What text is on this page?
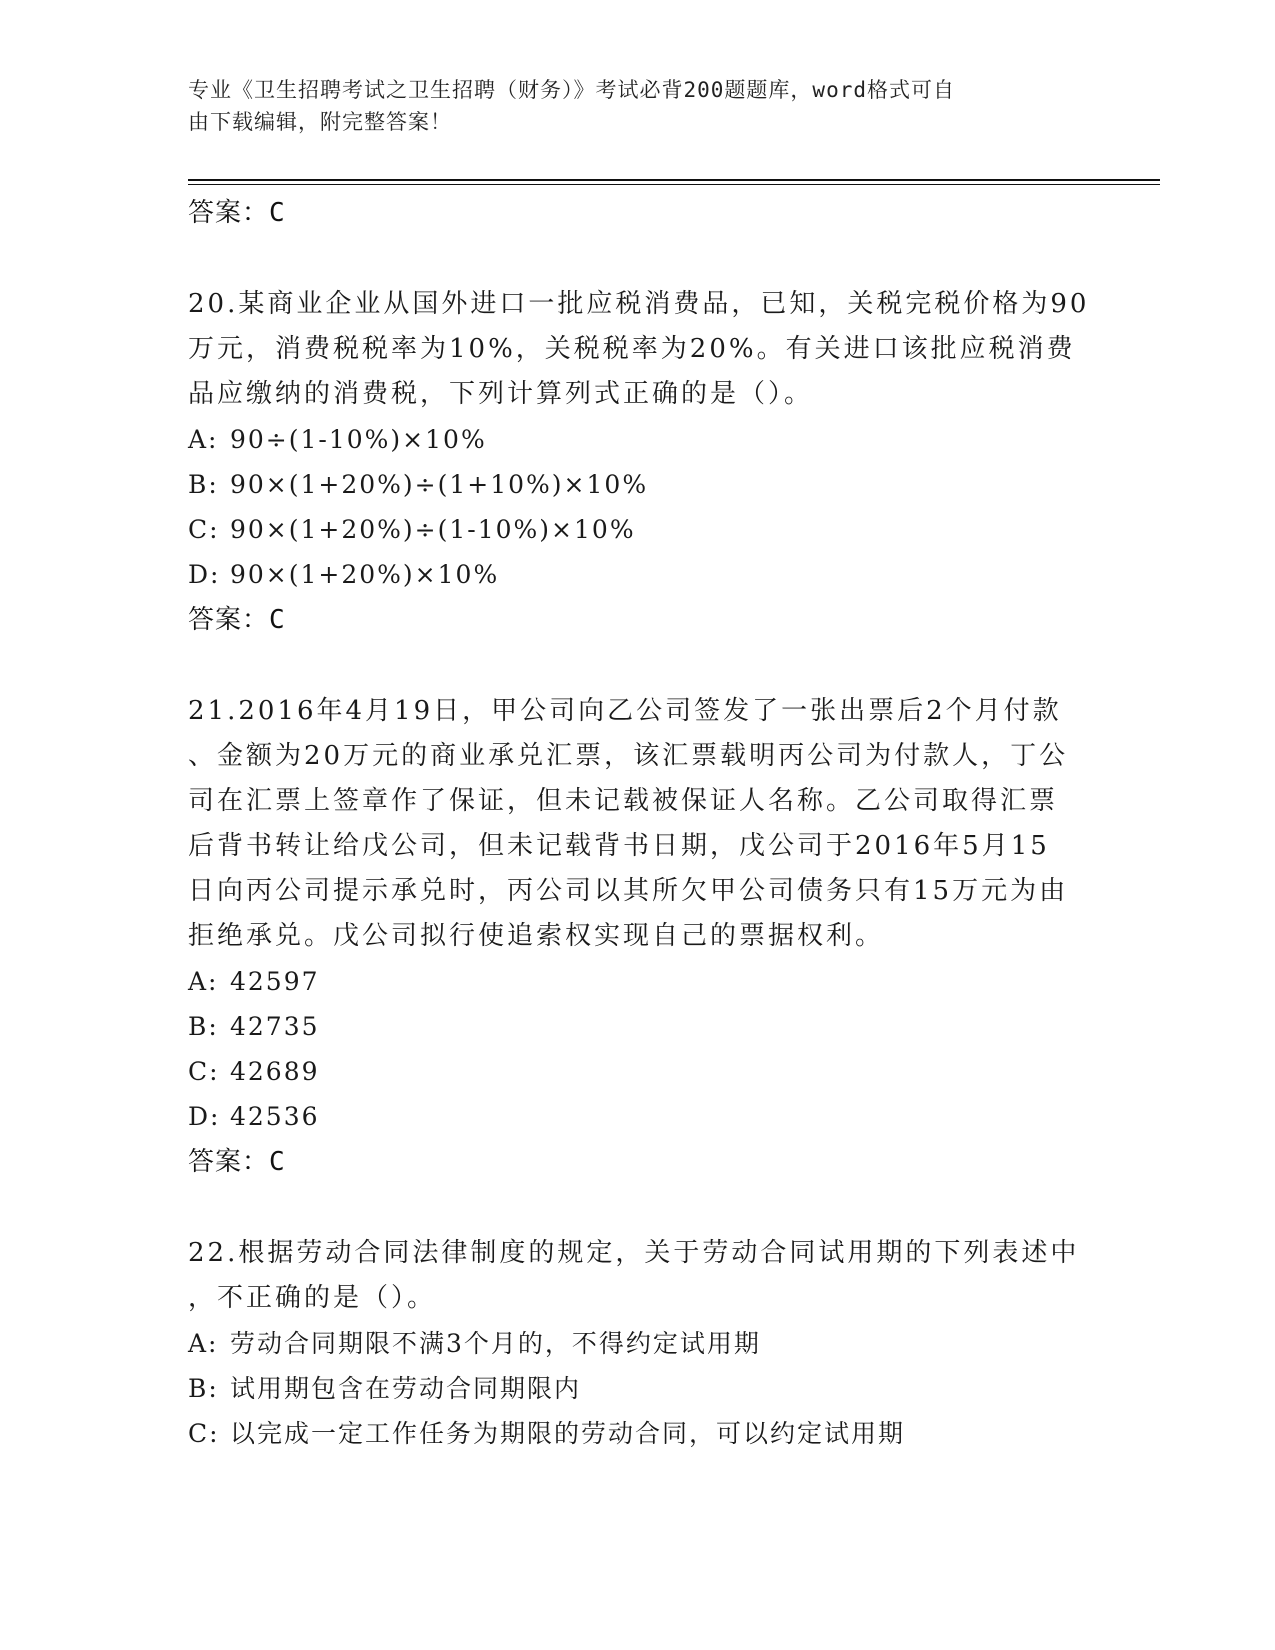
专业《卫生招聘考试之卫生招聘（财务）》考试必背200题题库，word格式可自
由下载编辑，附完整答案！
答案：C
20.某商业企业从国外进口一批应税消费品，已知，关税完税价格为90
万元，消费税税率为10%，关税税率为20%。有关进口该批应税消费
品应缴纳的消费税，下列计算列式正确的是（）。
A: 90÷(1-10%)×10%
B: 90×(1+20%)÷(1+10%)×10%
C: 90×(1+20%)÷(1-10%)×10%
D: 90×(1+20%)×10%
答案：C
21.2016年4月19日，甲公司向乙公司签发了一张出票后2个月付款
、金额为20万元的商业承兑汇票，该汇票载明丙公司为付款人，丁公
司在汇票上签章作了保证，但未记载被保证人名称。乙公司取得汇票
后背书转让给戊公司，但未记载背书日期，戊公司于2016年5月15
日向丙公司提示承兑时，丙公司以其所欠甲公司债务只有15万元为由
拒绝承兑。戊公司拟行使追索权实现自己的票据权利。
A: 42597
B: 42735
C: 42689
D: 42536
答案：C
22.根据劳动合同法律制度的规定，关于劳动合同试用期的下列表述中
，不正确的是（）。
A: 劳动合同期限不满3个月的，不得约定试用期
B: 试用期包含在劳动合同期限内
C: 以完成一定工作任务为期限的劳动合同，可以约定试用期
